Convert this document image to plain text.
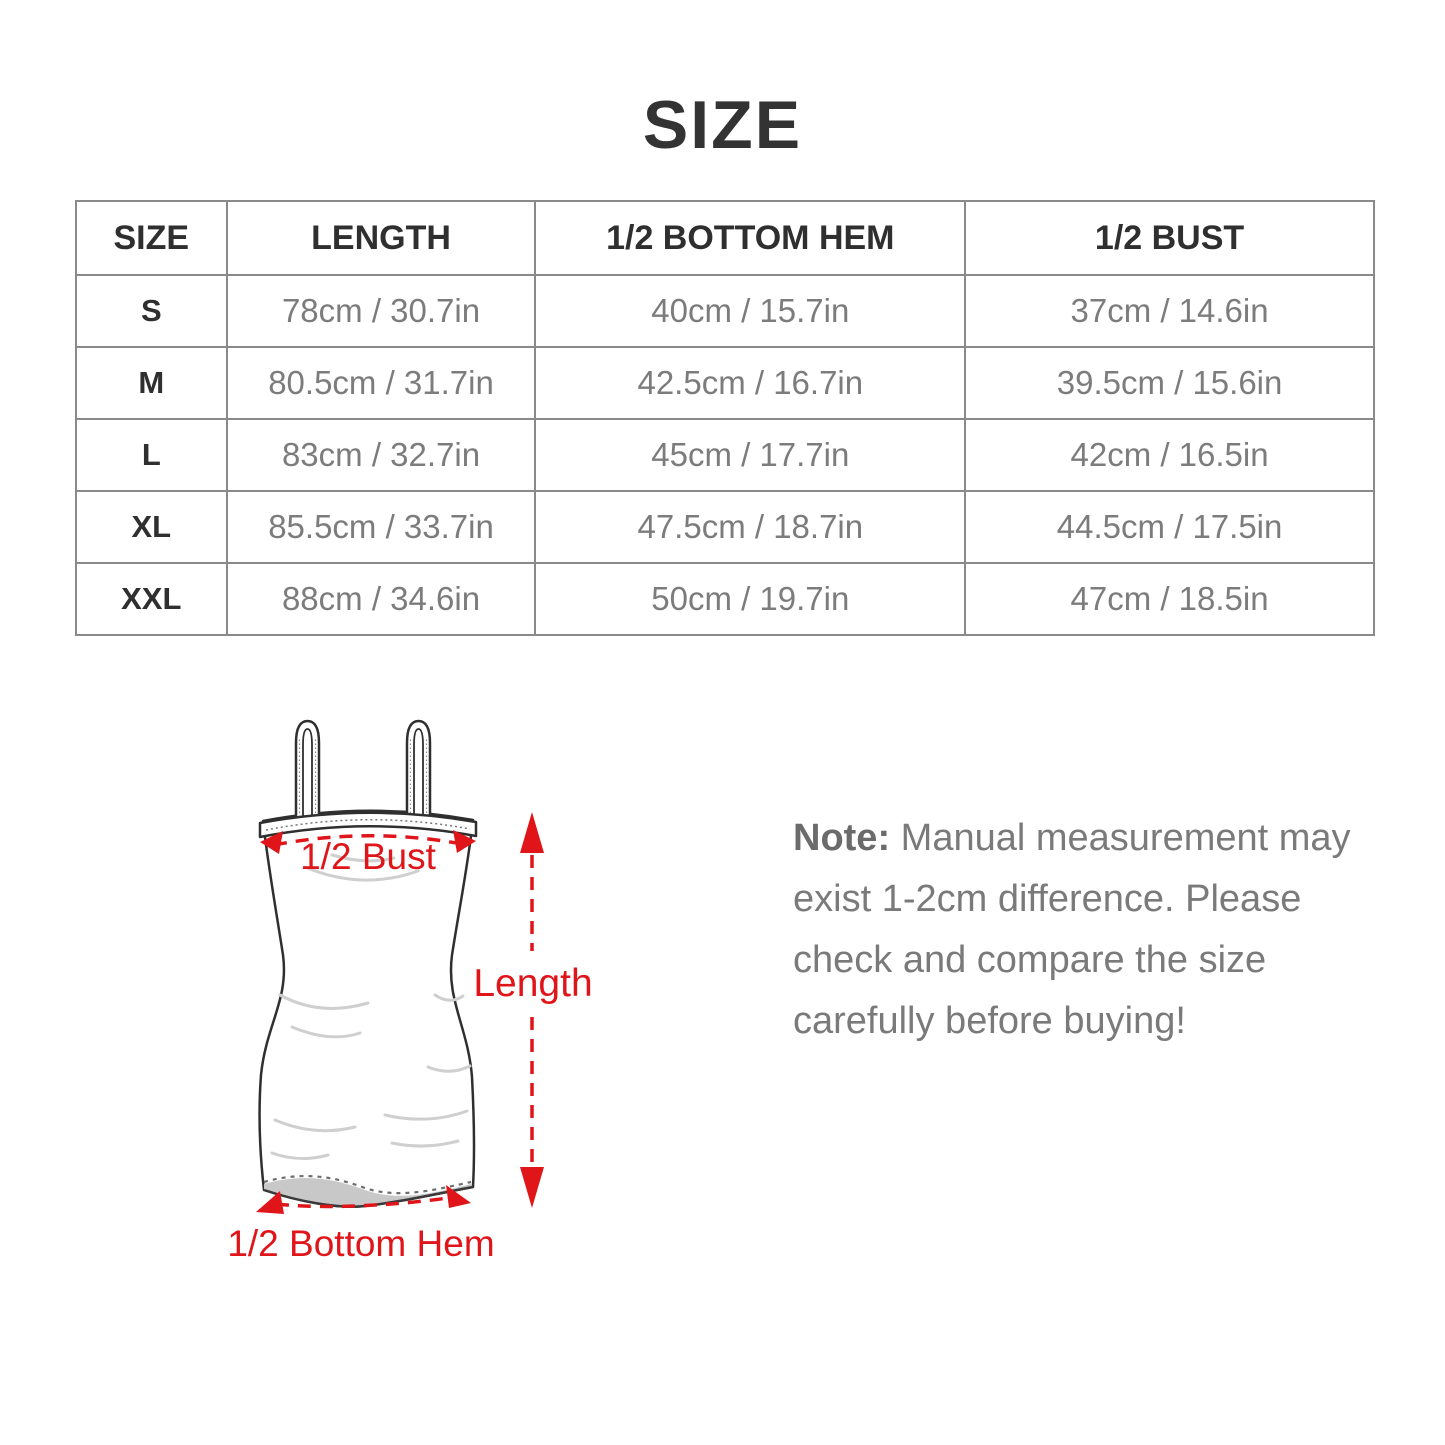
SIZE
SIZE	LENGTH	1/2 BOTTOM HEM	1/2 BUST
S	78cm / 30.7in	40cm / 15.7in	37cm / 14.6in
M	80.5cm / 31.7in	42.5cm / 16.7in	39.5cm / 15.6in
L	83cm / 32.7in	45cm / 17.7in	42cm / 16.5in
XL	85.5cm / 33.7in	47.5cm / 18.7in	44.5cm / 17.5in
XXL	88cm / 34.6in	50cm / 19.7in	47cm / 18.5in
1/2 Bust
Length
1/2 Bottom Hem
Note: Manual measurement may
exist 1-2cm difference. Please
check and compare the size
carefully before buying!
